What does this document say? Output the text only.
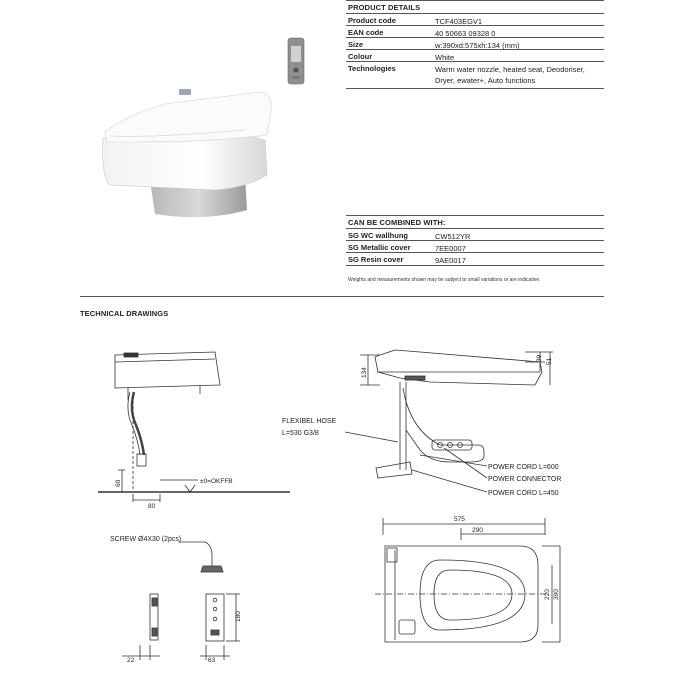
PRODUCT DETAILS
Product code	TCF403EGV1
EAN code	40 50663 09328 0
Size	w:390xd:575xh:134 (mm)
Colour	White
Technologies	Warm water nozzle, heated seat, Deodoriser, Dryer, ewater+, Auto functions
CAN BE COMBINED WITH:
SG WC wallhung	CW512YR
SG Metallic cover	7EE0007
SG Resin cover	9AE0017
Weights and measurements shown may be subject to small variations or are indicative.
TECHNICAL DRAWINGS
60
80
±0=OKFFB
134
39 51
FLEXIBEL HOSE
L=530 G3/8
POWER CORD L=600
POWER CONNECTOR
POWER CORD L=450
575
290
220 390
SCREW Ø4X30 (2pcs)
22
180
63
